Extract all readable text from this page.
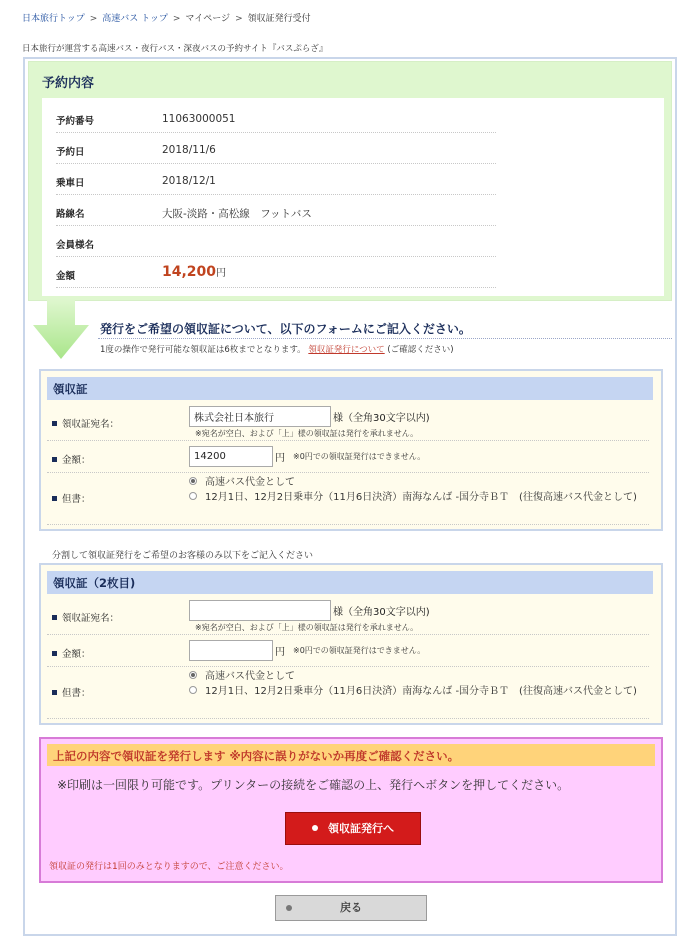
日本旅行トップ > 高速バス トップ > マイページ > 領収証発行受付
日本旅行が運営する高速バス・夜行バス・深夜バスの予約サイト『バスぷらざ』
予約内容
予約番号	11063000051
予約日	2018/11/6
乗車日	2018/12/1
路線名	大阪-淡路・高松線　フットバス
会員様名
金額	14,200円
発行をご希望の領収証について、以下のフォームにご記入ください。
1度の操作で発行可能な領収証は6枚までとなります。 領収証発行について (ご確認ください)
領収証
領収証宛名：
株式会社日本旅行
様（全角30文字以内)
※宛名が空白、および「上」様の領収証は発行を承れません。
金額：
14200	円 ※0円での領収証発行はできません。
但書：
高速バス代金として
12月1日、12月2日乗車分（11月6日決済）南海なんば -国分寺ＢＴ　(往復高速バス代金として)
分割して領収証発行をご希望のお客様のみ以下をご記入ください
領収証（2枚目)
領収証宛名：
様（全角30文字以内)
※宛名が空白、および「上」様の領収証は発行を承れません。
金額：	円 ※0円での領収証発行はできません。
但書：
高速バス代金として
12月1日、12月2日乗車分（11月6日決済）南海なんば -国分寺ＢＴ　(往復高速バス代金として)
上記の内容で領収証を発行します ※内容に誤りがないか再度ご確認ください。
※印刷は一回限り可能です。プリンターの接続をご確認の上、発行へボタンを押してください。
領収証発行へ
領収証の発行は1回のみとなりますので、ご注意ください。
戻る
